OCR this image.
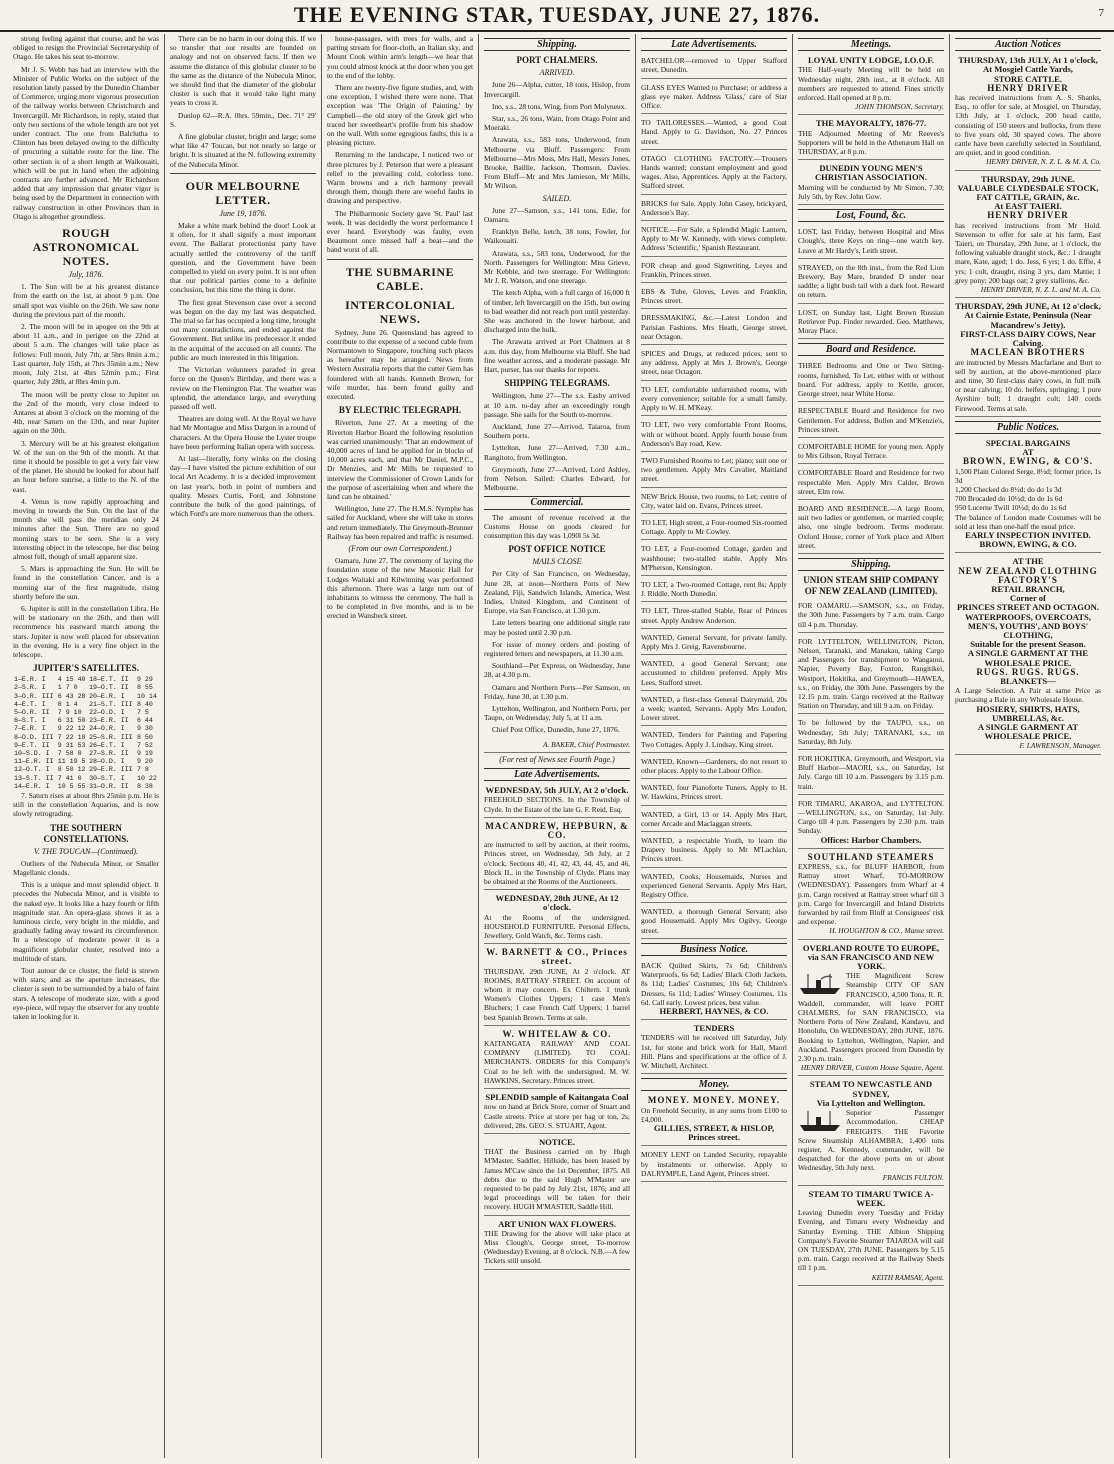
THE EVENING STAR, TUESDAY, JUNE 27, 1876.	7

strong feeling against that course, and he was obliged to resign the Provincial Secretaryship of Otago. He takes his seat to-morrow.

Mr J. S. Webb has had an interview with the Minister of Public Works on the subject of the resolution lately passed by the Dunedin Chamber of Commerce, urging more vigorous prosecution of the railway works between Christchurch and Invercargill. Mr Richardson, in reply, stated that only two sections of the whole length are not yet under contract. The one from Balclutha to Clinton has been delayed owing to the difficulty of procuring a suitable route for the line. The other section is of a short length at Waikouaiti, which will be put in hand when the adjoining contracts are further advanced. Mr Richardson added that any impression that greater vigor is being used by the Department in connection with railway construction in other Provinces than in Otago is altogether groundless.

ROUGH ASTRONOMICAL NOTES.
July, 1876.

1. The Sun will be at his greatest distance from the earth on the 1st, at about 9 p.m. One small spot was visible on the 26th. We saw none during the previous part of the month.

2. The moon will be in apogee on the 9th at about 11 a.m., and in perigee on the 22nd at about 5 a.m. The changes will take place as follows: Full moon, July 7th, at 5hrs 8min a.m.; Last quarter, July 15th, at 7hrs 35min a.m.; New moon, July 21st, at 4hrs 52min p.m.; First quarter, July 28th, at 8hrs 4min p.m.

The moon will be pretty close to Jupiter on the 2nd of the month, very close indeed to Antares at about 3 o'clock on the morning of the 4th, near Saturn on the 13th, and near Jupiter again on the 30th.

3. Mercury will be at his greatest elongation W. of the sun on the 9th of the month. At that time it should be possible to get a very fair view of the planet. He should be looked for about half an hour before sunrise, a little to the N. of the east.

4. Venus is now rapidly approaching and moving in towards the Sun. On the last of the month she will pass the meridian only 24 minutes after the Sun. There are no good morning stars to be seen. She is a very interesting object in the telescope, her disc being almost full, though of small apparent size.

5. Mars is approaching the Sun. He will be found in the constellation Cancer, and is a morning star of the first magnitude, rising shortly before the sun.

6. Jupiter is still in the constellation Libra. He will be stationary on the 26th, and then will recommence his eastward march among the stars. Jupiter is now well placed for observation in the evening. He is a very fine object in the telescope.

JUPITER'S SATELLITES.
1—E.R. I	4 15 40	18—E.T. II	9 29
2—S.R. I	1 7 0	19—O.T. II	8 55
3—O.R. III	6 43 28	20—E.R. I	10 14
4—E.T. I	8 1 4	21—S.T. III	8 40
5—O.R. II	7 9 10	22—O.D. I	7 5
6—S.T. I	6 31 50	23—E.R. II	6 44
7—E.R. I	9 22 12	24—O.R. I	9 30
8—O.D. III	7 22 10	25—S.R. III	8 50
9—E.T. II	9 31 53	26—E.T. I	7 52
10—S.D. I	7 58 0	27—S.R. II	9 19
11—E.R. II	11 19 5	28—O.D. I	9 20
12—O.T. I	8 50 12	29—E.R. III	7 8
13—S.T. II	7 41 0	30—S.T. I	10 22
14—E.R. I	10 5 55	31—O.R. II	8 38

7. Saturn rises at about 8hrs 25min p.m. He is still in the constellation Aquarius, and is now slowly retrograding.

THE SOUTHERN CONSTELLATIONS.
V. THE TOUCAN—(Continued).

Outliers of the Nubecula Minor, or Smaller Magellanic clouds.

This is a unique and most splendid object. It precedes the Nubecula Minor, and is visible to the naked eye. It looks like a hazy fourth or fifth magnitude star. An opera-glass shows it as a luminous circle, very bright in the middle, and gradually fading away toward its circumference. In a telescope of moderate power it is a magnificent globular cluster, resolved into a multitude of stars.

Tout autour de ce cluster, the field is strewn with stars; and as the aperture increases, the cluster is seen to be surrounded by a halo of faint stars. A telescope of moderate size, with a good eye-piece, will repay the observer for any trouble taken in looking for it.

There can be no harm in our doing this. If we so transfer that our results are founded on analogy and not on observed facts. If then we assume the distance of this globular cluster to be the same as the distance of the Nubecula Minor, we should find that the diameter of the globular cluster is such that it would take light many years to cross it.

Dunlop 62—R.A. 0hrs. 59min., Dec. 71° 29' S.

A fine globular cluster, bright and large; some what like 47 Toucan, but not nearly so large or bright. It is situated at the N. following extremity of the Nubecula Minor.

OUR MELBOURNE LETTER.
June 19, 1876.

Make a white mark behind the door! Look at it often, for it shall signify a most important event. The Ballarat protectionist party have actually settled the controversy of the tariff question, and the Government have been compelled to yield on every point. It is not often that our political parties come to a definite conclusion, but this time the thing is done.

The first great Stevenson case over a second was begun on the day my last was despatched. The trial so far has occupied a long time, brought out many contradictions, and ended against the Government. But unlike its predecessor it ended in the acquittal of the accused on all counts. The public are much interested in this litigation.

The Victorian volunteers paraded in great force on the Queen's Birthday, and there was a review on the Flemington Flat. The weather was splendid, the attendance large, and everything passed off well.

Theatres are doing well. At the Royal we have had Mr Montague and Miss Dargon in a round of characters. At the Opera House the Lyster troupe have been performing Italian opera with success.

At last—literally, forty winks on the closing day—I have visited the picture exhibition of our local Art Academy. It is a decided improvement on last year's, both in point of numbers and quality. Messrs Curtis, Ford, and Johnstone contribute the bulk of the good paintings, of which Ford's are more numerous than the others.

house-passages, with trees for walls, and a parting stream for floor-cloth, an Italian sky, and Mount Cook within arm's length—we hear that you could almost knock at the door when you get to the end of the lobby.

There are twenty-five figure studies, and, with one exception, I wished there were none. That exception was 'The Origin of Painting,' by Campbell—the old story of the Greek girl who traced her sweetheart's profile from his shadow on the wall. With some egregious faults, this is a pleasing picture.

Returning to the landscape, I noticed two or three pictures by J. Peterson that were a pleasant relief to the prevailing cold, colorless tone. Warm browns and a rich harmony prevail through them, though there are woeful faults in drawing and perspective.

The Philharmonic Society gave 'St. Paul' last week. It was decidedly the worst performance I ever heard. Everybody was faulty, even Beaumont once missed half a beat—and the band worst of all.

THE SUBMARINE CABLE.
INTERCOLONIAL NEWS.

Sydney, June 26. Queensland has agreed to contribute to the expense of a second cable from Normantown to Singapore, touching such places as hereafter may be arranged. News from Western Australia reports that the cutter Gem has foundered with all hands. Kenneth Brown, for wife murder, has been found guilty and executed.

BY ELECTRIC TELEGRAPH.

Riverton, June 27. At a meeting of the Riverton Harbor Board the following resolution was carried unanimously: 'That an endowment of 40,000 acres of land be applied for in blocks of 10,000 acres each, and that Mr Daniel, M.P.C., Dr Menzies, and Mr Mills be requested to interview the Commissioner of Crown Lands for the purpose of ascertaining when and where the land can be obtained.'

Wellington, June 27. The H.M.S. Nymphe has sailed for Auckland, where she will take in stores and return immediately. The Greymouth-Brunner Railway has been repaired and traffic is resumed.

(From our own Correspondent.)

Oamaru, June 27. The ceremony of laying the foundation stone of the new Masonic Hall for Lodges Waitaki and Kilwinning was performed this afternoon. There was a large turn out of inhabitants to witness the ceremony. The hall is to be completed in five months, and is to be erected in Wansbeck street.

Shipping.
PORT CHALMERS.
ARRIVED.

June 26—Alpha, cutter, 18 tons, Hislop, from Invercargill.

Ino, s.s., 28 tons, Wing, from Port Molyneux.

Star, s.s., 26 tons, Wain, from Otago Point and Moeraki.

Arawata, s.s., 583 tons, Underwood, from Melbourne via Bluff. Passengers: From Melbourne—Mrs Moss, Mrs Hall, Messrs Jones, Brooke, Baillie, Jackson, Thomson, Davies. From Bluff—Mr and Mrs Jamieson, Mr Mills, Mr Wilson.

SAILED.

June 27—Samson, s.s., 141 tons, Edie, for Oamaru.

Franklyn Belle, ketch, 38 tons, Fowler, for Waikouaiti.

Arawata, s.s., 583 tons, Underwood, for the North. Passengers for Wellington: Miss Grieve, Mr Kebble, and two steerage. For Wellington: Mr J. R. Watson, and one steerage.

The ketch Alpha, with a full cargo of 16,000 ft of timber, left Invercargill on the 15th, but owing to bad weather did not reach port until yesterday. She was anchored in the lower harbour, and discharged into the hulk.

The Arawata arrived at Port Chalmers at 8 a.m. this day, from Melbourne via Bluff. She had fine weather across, and a moderate passage. Mr Hart, purser, has our thanks for reports.

SHIPPING TELEGRAMS.

Wellington, June 27—The s.s. Easby arrived at 10 a.m. to-day after an exceedingly rough passage. She sails for the South to-morrow.

Auckland, June 27—Arrived, Taiaroa, from Southern ports.

Lyttelton, June 27—Arrived, 7.30 a.m., Rangitoto, from Wellington.

Greymouth, June 27—Arrived, Lord Ashley, from Nelson. Sailed: Charles Edward, for Melbourne.

Commercial.

The amount of revenue received at the Customs House on goods cleared for consumption this day was 1,090l 5s 3d.

POST OFFICE NOTICE
MAILS CLOSE

Per City of San Francisco, on Wednesday, June 28, at noon—Northern Ports of New Zealand, Fiji, Sandwich Islands, America, West Indies, United Kingdom, and Continent of Europe, via San Francisco, at 1.30 p.m.

Late letters bearing one additional single rate may be posted until 2.30 p.m.

For issue of money orders and posting of registered letters and newspapers, at 11.30 a.m.

Southland—Per Express, on Wednesday, June 28, at 4.30 p.m.

Oamaru and Northern Ports—Per Samson, on Friday, June 30, at 1.30 p.m.

Lyttelton, Wellington, and Northern Ports, per Taupo, on Wednesday, July 5, at 11 a.m.

Chief Post Office, Dunedin, June 27, 1876.

A. BAKER, Chief Postmaster.
(For rest of News see Fourth Page.)
Late Advertisements.
WEDNESDAY, 5th JULY, At 2 o'clock.
FREEHOLD SECTIONS. In the Township of Clyde. In the Estate of the late G. F. Reid, Esq.
MACANDREW, HEPBURN, & CO.
are instructed to sell by auction, at their rooms, Princes street, on Wednesday, 5th July, at 2 o'clock, Sections 40, 41, 42, 43, 44, 45, and 46, Block II., in the Township of Clyde. Plans may be obtained at the Rooms of the Auctioneers.
WEDNESDAY, 28th JUNE, At 12 o'clock.
At the Rooms of the undersigned. HOUSEHOLD FURNITURE. Personal Effects, Jewellery, Gold Watch, &c. Terms cash.
W. BARNETT & CO., Princes street.
THURSDAY, 29th JUNE, At 2 o'clock. AT ROOMS, RATTRAY STREET. On account of whom it may concern. Ex Chiltern. 1 trunk Women's Clothes Uppers; 1 case Men's Bluchers; 1 case French Calf Uppers; 1 barrel best Spanish Brown. Terms at sale.
W. WHITELAW & CO.
KAITANGATA RAILWAY AND COAL COMPANY (LIMITED). TO COAL MERCHANTS. ORDERS for this Company's Coal to be left with the undersigned. M. W. HAWKINS, Secretary. Princes street.
SPLENDID sample of Kaitangata Coal
now on hand at Brick Store, corner of Stuart and Castle streets. Price at store per bag or ton, 2s; delivered, 28s. GEO. S. STUART, Agent.
NOTICE.
THAT the Business carried on by Hugh M'Master, Saddler, Hillside, has been leased by James M'Caw since the 1st December, 1875. All debts due to the said Hugh M'Master are requested to be paid by July 21st, 1876; and all legal proceedings will be taken for their recovery. HUGH M'MASTER, Saddle Hill.
ART UNION WAX FLOWERS.
THE Drawing for the above will take place at Miss Clough's, George street, To-morrow (Wednesday) Evening, at 8 o'clock. N.B.—A few Tickets still unsold.
Late Advertisements.
BATCHELOR—removed to Upper Stafford street, Dunedin.
GLASS EYES Wanted to Purchase; or address a glass eye maker. Address 'Glass,' care of Star Office.
TO TAILORESSES.—Wanted, a good Coat Hand. Apply to G. Davidson, No. 27 Princes street.
OTAGO CLOTHING FACTORY.—Trousers Hands wanted; constant employment and good wages. Also, Apprentices. Apply at the Factory, Stafford street.
BRICKS for Sale. Apply John Casey, brickyard, Anderson's Bay.
NOTICE.—For Sale, a Splendid Magic Lantern, Apply to Mr W. Kennedy, with views complete. Address 'Scientific,' Spanish Restaurant.
FOR cheap and good Signwriting, Leyes and Franklin, Princes street.
EBS & Tube, Gloves, Leves and Franklin, Princes street.
DRESSMAKING, &c.—Latest London and Parisian Fashions. Mrs Heath, George street, near Octagon.
SPICES and Drugs, at reduced prices, sent to any address. Apply at Mrs J. Brown's, George street, near Octagon.
TO LET, comfortable unfurnished rooms, with every convenience; suitable for a small family. Apply to W. H. M'Keay.
TO LET, two very comfortable Front Rooms, with or without board. Apply fourth house from Anderson's Bay road, Kew.
TWO Furnished Rooms to Let; piano; suit one or two gentlemen. Apply Mrs Cavalier, Maitland street.
NEW Brick House, two rooms, to Let; centre of City, water laid on. Evans, Princes street.
TO LET, High street, a Four-roomed Six-roomed Cottage. Apply to Mr Cowley.
TO LET, a Four-roomed Cottage, garden and washhouse; two-stalled stable. Apply Mrs M'Pherson, Kensington.
TO LET, a Two-roomed Cottage, rent 8s; Apply J. Riddle, North Dunedin.
TO LET, Three-stalled Stable, Rear of Princes street. Apply Andrew Anderson.
WANTED, General Servant, for private family. Apply Mrs J. Greig, Ravensbourne.
WANTED, a good General Servant; one accustomed to children preferred. Apply Mrs Lees, Stafford street.
WANTED, a first-class General Dairymaid, 20s a week; wanted, Servants. Apply Mrs Loudon, Lower street.
WANTED, Tenders for Painting and Papering Two Cottages. Apply J. Lindsay, King street.
WANTED, Known—Gardeners, do not resort to other places. Apply to the Labour Office.
WANTED, four Pianoforte Tuners. Apply to H. W. Hawkins, Princes street.
WANTED, a Girl, 13 or 14. Apply Mrs Hart, corner Arcade and Maclaggan streets.
WANTED, a respectable Youth, to learn the Drapery business. Apply to Mr M'Lachlan, Princes street.
WANTED, Cooks, Housemaids, Nurses and experienced General Servants. Apply Mrs Hart, Registry Office.
WANTED, a thorough General Servant; also good Housemaid. Apply Mrs Ogilvy, George street.
Business Notice.
BACK Quilted Skirts, 7s 6d; Children's Waterproofs, 6s 6d; Ladies' Black Cloth Jackets, 8s 11d; Ladies' Costumes, 10s 6d; Children's Dresses, 6s 11d; Ladies' Winsey Costumes, 11s 6d. Call early. Lowest prices, best value.
HERBERT, HAYNES, & CO.
TENDERS
TENDERS will be received till Saturday, July 1st, for stone and brick work for Hall, Maori Hill. Plans and specifications at the office of J. W. Mitchell, Architect.
Money.
MONEY. MONEY. MONEY.
On Freehold Security, in any sums from £100 to £4,000.
GILLIES, STREET, & HISLOP, Princes street.
MONEY LENT on Landed Security, repayable by instalments or otherwise. Apply to DALRYMPLE, Land Agent, Princes street.
Meetings.
LOYAL UNITY LODGE, I.O.O.F.
THE Half-yearly Meeting will be held on Wednesday night, 28th inst., at 8 o'clock. All members are requested to attend. Fines strictly enforced. Hall opened at 8 p.m.
JOHN THOMSON, Secretary.
THE MAYORALTY, 1876-77.
THE Adjourned Meeting of Mr Reeves's Supporters will be held in the Athenæum Hall on THURSDAY, at 8 p.m.
DUNEDIN YOUNG MEN'S CHRISTIAN ASSOCIATION.
Morning will be conducted by Mr Simon, 7.30; July 5th, by Rev. John Gow.
Lost, Found, &c.
LOST, last Friday, between Hospital and Miss Clough's, three Keys on ring—one watch key. Leave at Mr Hardy's, Leith street.
STRAYED, on the 8th inst., from the Red Lion Brewery, Bay Mare, branded D under near saddle; a light bush tail with a dark foot. Reward on return.
LOST, on Sunday last, Light Brown Russian Retriever Pup. Finder rewarded. Geo. Matthews, Moray Place.
Board and Residence.
THREE Bedrooms and One or Two Sitting-rooms, furnished, To Let, either with or without board. For address, apply to Kettle, grocer, George street, near White Horse.
RESPECTABLE Board and Residence for two Gentlemen. For address, Bullen and M'Kenzie's, Princes street.
COMFORTABLE HOME for young men. Apply to Mrs Gibson, Royal Terrace.
COMFORTABLE Board and Residence for two respectable Men. Apply Mrs Calder, Brown street, Elm row.
BOARD AND RESIDENCE.—A large Room, suit two ladies or gentlemen, or married couple; also, one single bedroom. Terms moderate. Oxford House, corner of York place and Albert street.
Shipping.
UNION STEAM SHIP COMPANY OF NEW ZEALAND (LIMITED).
FOR OAMARU.—SAMSON, s.s., on Friday, the 30th June. Passengers by 7 a.m. train. Cargo till 4 p.m. Thursday.
FOR LYTTELTON, WELLINGTON, Picton, Nelson, Taranaki, and Manakau, taking Cargo and Passengers for transhipment to Wanganui, Napier, Poverty Bay, Foxton, Rangitikei, Westport, Hokitika, and Greymouth—HAWEA, s.s., on Friday, the 30th June. Passengers by the 12.15 p.m. train. Cargo received at the Railway Station on Thursday, and till 9 a.m. on Friday.
To be followed by the TAUPO, s.s., on Wednesday, 5th July; TARANAKI, s.s., on Saturday, 8th July.
FOR HOKITIKA, Greymouth, and Westport, via Bluff Harbor—MAORI, s.s., on Saturday, 1st July. Cargo till 10 a.m. Passengers by 3.15 p.m. train.
FOR TIMARU, AKAROA, and LYTTELTON.—WELLINGTON, s.s., on Saturday, 1st July. Cargo till 4 p.m. Passengers by 2.30 p.m. train Sunday.
Offices: Harbor Chambers.
SOUTHLAND STEAMERS
EXPRESS, s.s., for BLUFF HARBOR, from Rattray street Wharf, TO-MORROW (WEDNESDAY). Passengers from Wharf at 4 p.m. Cargo received at Rattray street wharf till 3 p.m. Cargo for Invercargill and Inland Districts forwarded by rail from Bluff at Consignees' risk and expense.
H. HOUGHTON & CO., Manse street.
OVERLAND ROUTE TO EUROPE, via SAN FRANCISCO AND NEW YORK.
THE Magnificent Screw Steamship CITY OF SAN FRANCISCO, 4,500 Tons, R. R. Waddell, commander, will leave PORT CHALMERS, for SAN FRANCISCO, via Northern Ports of New Zealand, Kandavu, and Honolulu, On WEDNESDAY, 28th JUNE, 1876. Booking to Lyttelton, Wellington, Napier, and Auckland. Passengers proceed from Dunedin by 2.30 p.m. train.
HENRY DRIVER, Custom House Square, Agent.
STEAM TO NEWCASTLE AND SYDNEY,
Via Lyttelton and Wellington.
Superior Passenger Accommodation. CHEAP FREIGHTS. THE Favorite Screw Steamship ALHAMBRA, 1,400 tons register, A. Kennedy, commander, will be despatched for the above ports on or about Wednesday, 5th July next.
FRANCIS FULTON.
STEAM TO TIMARU TWICE A-WEEK.
Leaving Dunedin every Tuesday and Friday Evening, and Timaru every Wednesday and Saturday Evening. THE Albion Shipping Company's Favorite Steamer TAIAROA will sail ON TUESDAY, 27th JUNE. Passengers by 5.15 p.m. train. Cargo received at the Railway Sheds till 1 p.m.
KEITH RAMSAY, Agent.
Auction Notices
THURSDAY, 13th JULY, At 1 o'clock,
At Mosgiel Cattle Yards,
STORE CATTLE.
HENRY DRIVER
has received instructions from A. S. Shanks, Esq., to offer for sale, at Mosgiel, on Thursday, 13th July, at 1 o'clock, 200 head cattle, consisting of 150 steers and bullocks, from three to five years old, 30 spayed cows. The above cattle have been carefully selected in Southland, are quiet, and in good condition.
HENRY DRIVER, N. Z. L. & M. A. Co.
THURSDAY, 29th JUNE.
VALUABLE CLYDESDALE STOCK, FAT CATTLE, GRAIN, &c.
At EAST TAIERI.
HENRY DRIVER
has received instructions from Mr Hold. Stevenson to offer for sale at his farm, East Taieri, on Thursday, 29th June, at 1 o'clock, the following valuable draught stock, &c.: 1 draught mare, Kate, aged; 1 do. Jess, 6 yrs; 1 do. Effie, 4 yrs; 1 colt, draught, rising 3 yrs, dam Mattie; 1 grey pony; 200 bags oat; 2 grey stallions, &c.
HENRY DRIVER, N. Z. L. and M. A. Co.
THURSDAY, 29th JUNE, At 12 o'clock,
At Cairnie Estate, Peninsula (Near Macandrew's Jetty).
FIRST-CLASS DAIRY COWS, Near Calving.
MACLEAN BROTHERS
are instructed by Messrs Macfarlane and Burt to sell by auction, at the above-mentioned place and time, 30 first-class dairy cows, in full milk or near calving; 10 do. heifers, springing; 1 pure Ayrshire bull; 1 draught colt; 140 cords Firewood. Terms at sale.
Public Notices.
SPECIAL BARGAINS
AT
BROWN, EWING, & CO'S.
1,500 Plain Colored Serge, 8½d; former price, 1s 3d
1,200 Checked do 8½d; do do 1s 3d
700 Brocaded do 10½d; do do 1s 6d
950 Lucerne Twill 10½d; do do 1s 6d
The balance of London made Costumes will be sold at less than one-half the usual price.
EARLY INSPECTION INVITED.
BROWN, EWING, & CO.
AT THE
NEW ZEALAND CLOTHING FACTORY'S
RETAIL BRANCH,
Corner of
PRINCES STREET AND OCTAGON.
WATERPROOFS, OVERCOATS, MEN'S, YOUTHS', AND BOYS' CLOTHING,
Suitable for the present Season.
A SINGLE GARMENT AT THE WHOLESALE PRICE.
RUGS. RUGS. RUGS.
BLANKETS—
A Large Selection. A Pair at same Price as purchasing a Bale in any Wholesale House.
HOSIERY, SHIRTS, HATS, UMBRELLAS, &c.
A SINGLE GARMENT AT WHOLESALE PRICE.
F. LAWRENSON, Manager.
